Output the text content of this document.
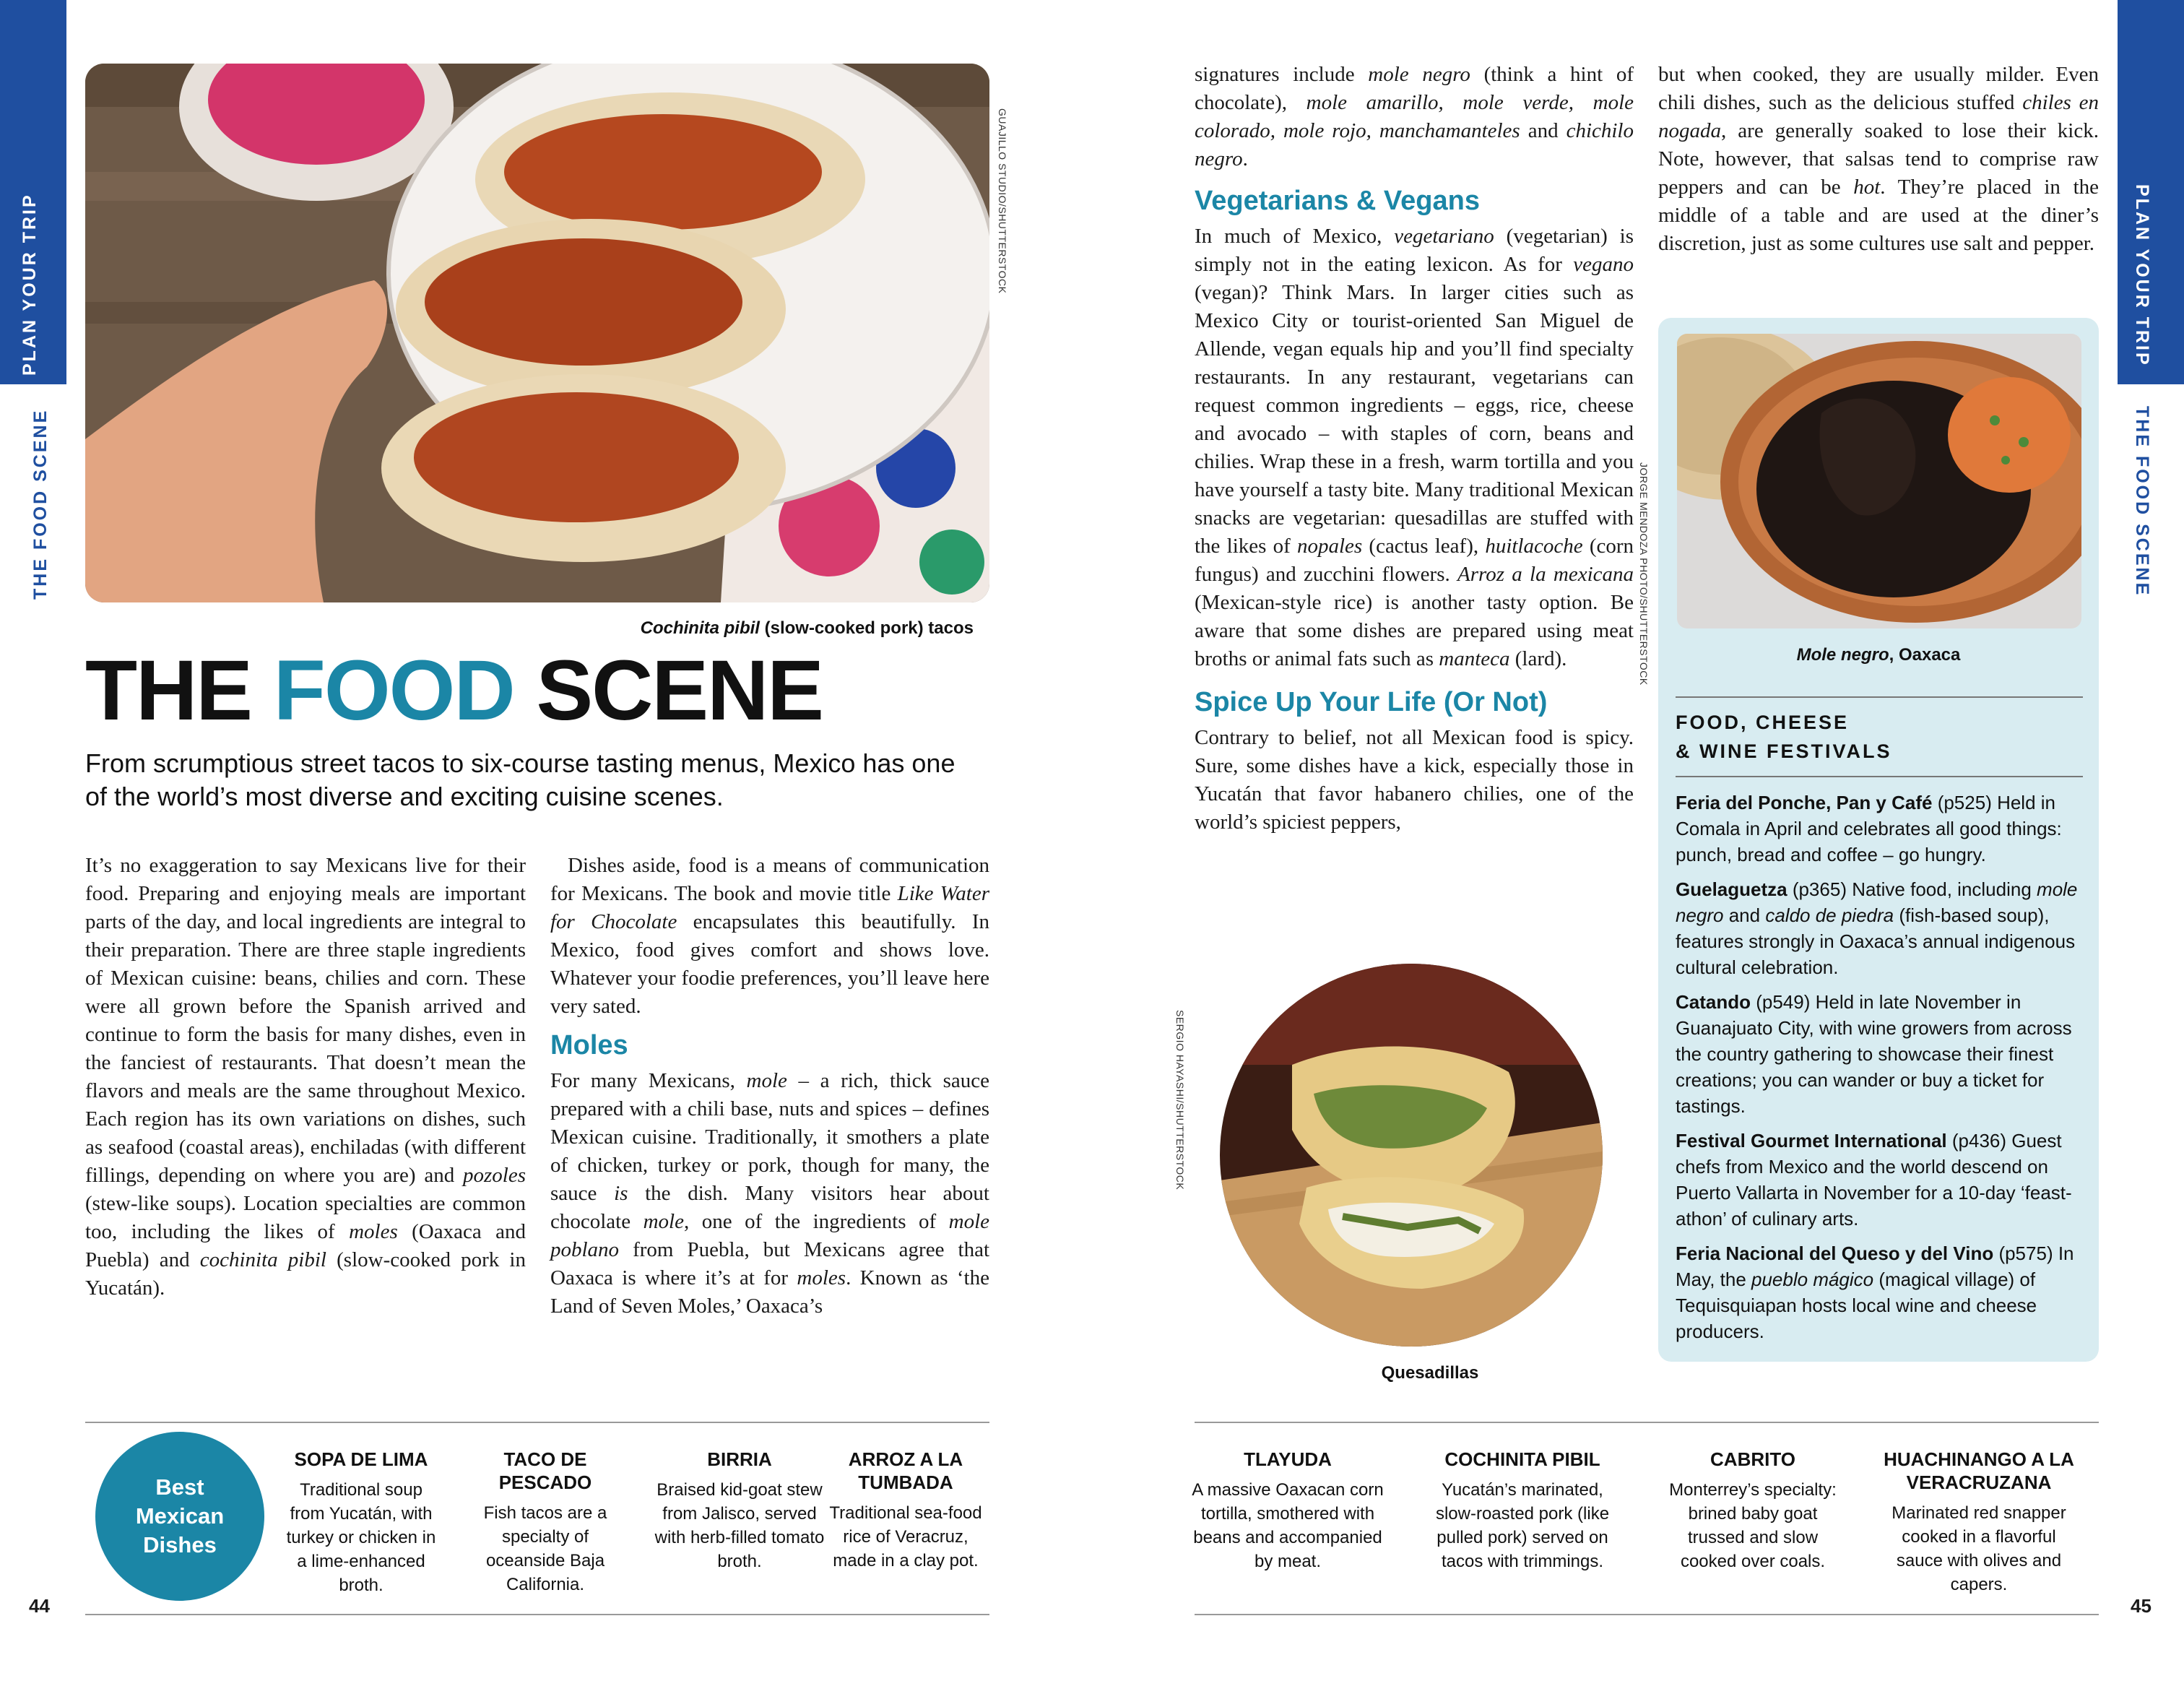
PLAN YOUR TRIP
THE FOOD SCENE
PLAN YOUR TRIP
THE FOOD SCENE
GUAJILLO STUDIO/SHUTTERSTOCK
Cochinita pibil (slow-cooked pork) tacos
THE FOOD SCENE
From scrumptious street tacos to six-course tasting menus, Mexico has one of the world’s most diverse and exciting cuisine scenes.

It’s no exaggeration to say Mexicans live for their food. Preparing and enjoying meals are important parts of the day, and local ingredients are integral to their preparation. There are three staple ingredients of Mexican cuisine: beans, chilies and corn. These were all grown before the Spanish arrived and continue to form the basis for many dishes, even in the fanciest of restaurants. That doesn’t mean the flavors and meals are the same throughout Mexico. Each region has its own variations on dishes, such as seafood (coastal areas), enchiladas (with different fillings, depending on where you are) and pozoles (stew-like soups). Location specialties are common too, including the likes of moles (Oaxaca and Puebla) and cochinita pibil (slow-cooked pork in Yucatán).

Dishes aside, food is a means of communication for Mexicans. The book and movie title Like Water for Chocolate encapsulates this beautifully. In Mexico, food gives comfort and shows love. Whatever your foodie preferences, you’ll leave here very sated.

Moles

For many Mexicans, mole – a rich, thick sauce prepared with a chili base, nuts and spices – defines Mexican cuisine. Traditionally, it smothers a plate of chicken, turkey or pork, though for many, the sauce is the dish. Many visitors hear about chocolate mole, one of the ingredients of mole poblano from Puebla, but Mexicans agree that Oaxaca is where it’s at for moles. Known as ‘the Land of Seven Moles,’ Oaxaca’s

signatures include mole negro (think a hint of chocolate), mole amarillo, mole verde, mole colorado, mole rojo, manchamanteles and chichilo negro.

Vegetarians & Vegans

In much of Mexico, vegetariano (vegetarian) is simply not in the eating lexicon. As for vegano (vegan)? Think Mars. In larger cities such as Mexico City or tourist-oriented San Miguel de Allende, vegan equals hip and you’ll find specialty restaurants. In any restaurant, vegetarians can request common ingredients – eggs, rice, cheese and avocado – with staples of corn, beans and chilies. Wrap these in a fresh, warm tortilla and you have yourself a tasty bite. Many traditional Mexican snacks are vegetarian: quesadillas are stuffed with the likes of nopales (cactus leaf), huitlacoche (corn fungus) and zucchini flowers. Arroz a la mexicana (Mexican-style rice) is another tasty option. Be aware that some dishes are prepared using meat broths or animal fats such as manteca (lard).

Spice Up Your Life (Or Not)

Contrary to belief, not all Mexican food is spicy. Sure, some dishes have a kick, especially those in Yucatán that favor habanero chilies, one of the world’s spiciest peppers,

but when cooked, they are usually milder. Even chili dishes, such as the delicious stuffed chiles en nogada, are generally soaked to lose their kick. Note, however, that salsas tend to comprise raw peppers and can be hot. They’re placed in the middle of a table and are used at the diner’s discretion, just as some cultures use salt and pepper.

SERGIO HAYASHI/SHUTTERSTOCK
Quesadillas
JORGE MENDOZA PHOTO/SHUTTERSTOCK	Mole negro, Oaxaca
FOOD, CHEESE
& WINE FESTIVALS
Feria del Ponche, Pan y Café (p525) Held in Comala in April and celebrates all good things: punch, bread and coffee – go hungry.
Guelaguetza (p365) Native food, including mole negro and caldo de piedra (fish-based soup), features strongly in Oaxaca’s annual indigenous cultural celebration.
Catando (p549) Held in late November in Guanajuato City, with wine growers from across the country gathering to showcase their finest creations; you can wander or buy a ticket for tastings.
Festival Gourmet International (p436) Guest chefs from Mexico and the world descend on Puerto Vallarta in November for a 10-day ‘feast-athon’ of culinary arts.
Feria Nacional del Queso y del Vino (p575) In May, the pueblo mágico (magical village) of Tequisquiapan hosts local wine and cheese producers.
Best Mexican Dishes
SOPA DE LIMA
Traditional soup from Yucatán, with turkey or chicken in a lime-enhanced broth.
TACO DE PESCADO
Fish tacos are a specialty of oceanside Baja California.
BIRRIA
Braised kid-goat stew from Jalisco, served with herb-filled tomato broth.
ARROZ A LA TUMBADA
Traditional sea-food rice of Veracruz, made in a clay pot.
TLAYUDA
A massive Oaxacan corn tortilla, smothered with beans and accompanied by meat.
COCHINITA PIBIL
Yucatán’s marinated, slow-roasted pork (like pulled pork) served on tacos with trimmings.
CABRITO
Monterrey’s specialty: brined baby goat trussed and slow cooked over coals.
HUACHINANGO A LA VERACRUZANA
Marinated red snapper cooked in a flavorful sauce with olives and capers.
44	45
